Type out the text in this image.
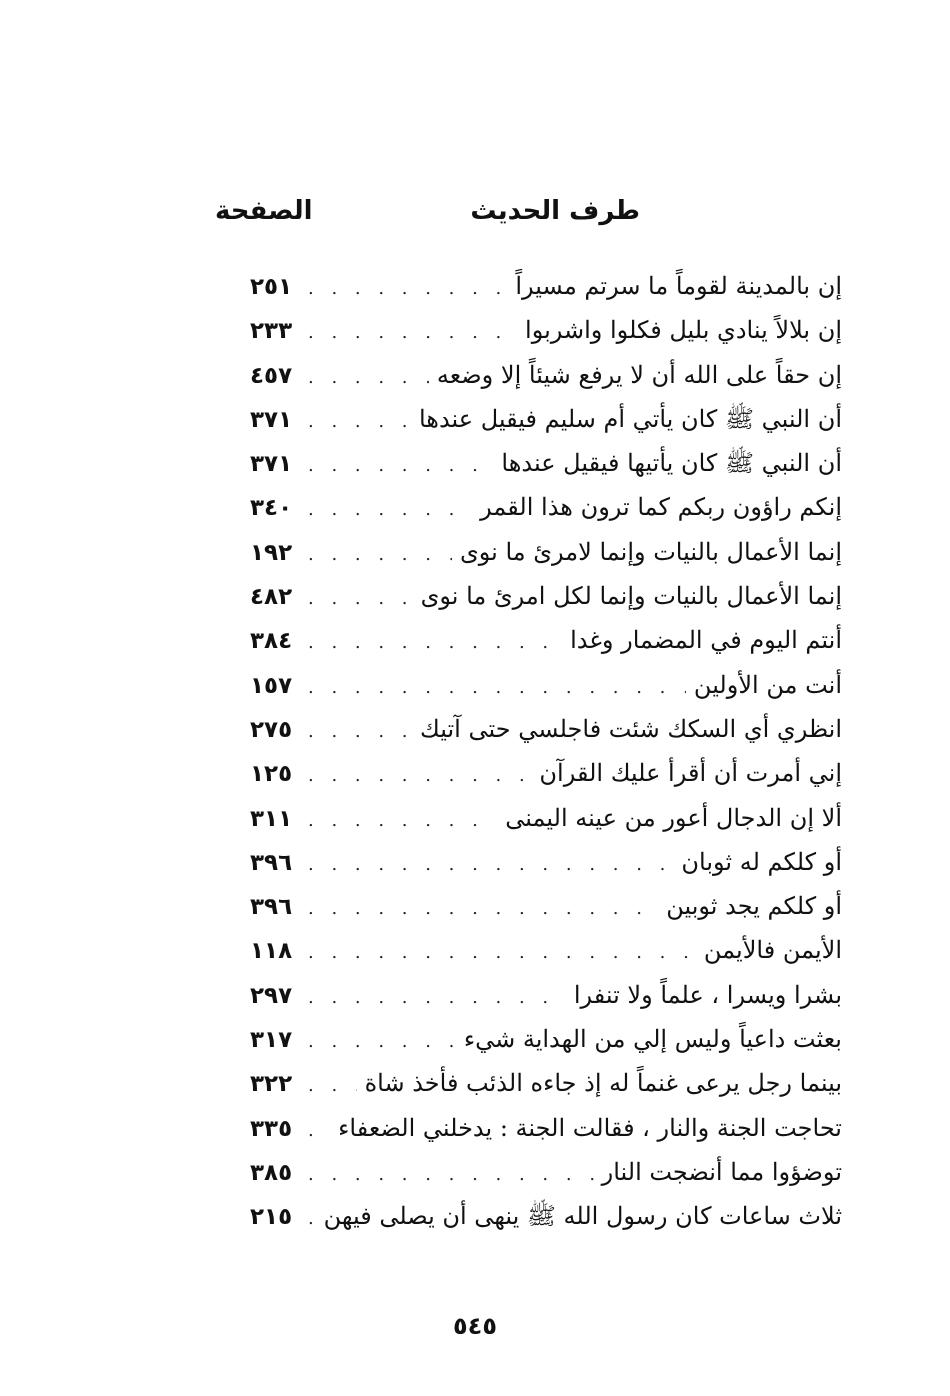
طرف الحديث
الصفحة
إن بالمدينة لقوماً ما سرتم مسيراً
. . .
٢٥١
إن بلالاً ينادي بليل فكلوا واشربوا
. . .
٢٣٣
إن حقاً على الله أن لا يرفع شيئاً إلا وضعه
. . .
٤٥٧
أن النبي ﷺ كان يأتي أم سليم فيقيل عندها
. . .
٣٧١
أن النبي ﷺ كان يأتيها فيقيل عندها
. . .
٣٧١
إنكم راؤون ربكم كما ترون هذا القمر
. . .
٣٤٠
إنما الأعمال بالنيات وإنما لامرئ ما نوى
. . .
١٩٢
إنما الأعمال بالنيات وإنما لكل امرئ ما نوى
. . .
٤٨٢
أنتم اليوم في المضمار وغدا
. . .
٣٨٤
أنت من الأولين
. . .
١٥٧
انظري أي السكك شئت فاجلسي حتى آتيك
. . .
٢٧٥
إني أمرت أن أقرأ عليك القرآن
. . .
١٢٥
ألا إن الدجال أعور من عينه اليمنى
. . .
٣١١
أو كلكم له ثوبان
. . .
٣٩٦
أو كلكم يجد ثوبين
. . .
٣٩٦
الأيمن فالأيمن
. . .
١١٨
بشرا ويسرا ، علماً ولا تنفرا
. . .
٢٩٧
بعثت داعياً وليس إلي من الهداية شيء
. . .
٣١٧
بينما رجل يرعى غنماً له إذ جاءه الذئب فأخذ شاة
. . .
٣٢٢
تحاجت الجنة والنار ، فقالت الجنة : يدخلني الضعفاء
. . .
٣٣٥
توضؤوا مما أنضجت النار
. . .
٣٨٥
ثلاث ساعات كان رسول الله ﷺ ينهى أن يصلى فيهن
. . .
٢١٥
٥٤٥
